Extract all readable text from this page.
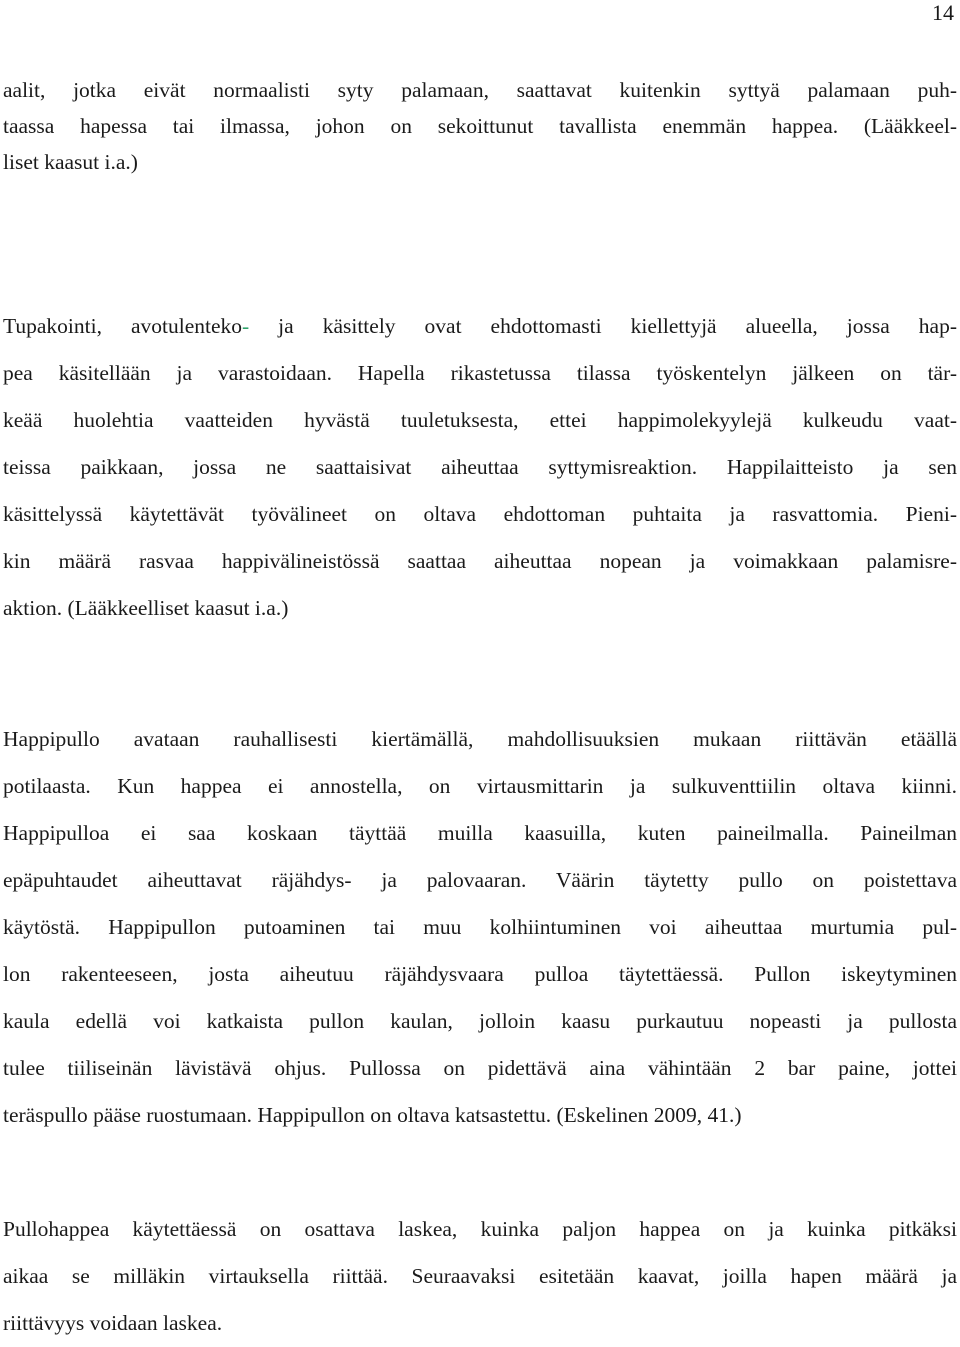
14

aalit, jotka eivät normaalisti syty palamaan, saattavat kuitenkin syttyä palamaan puh-
taassa hapessa tai ilmassa, johon on sekoittunut tavallista enemmän happea. (Lääkkeel-
liset kaasut i.a.)

Tupakointi, avotulenteko- ja käsittely ovat ehdottomasti kiellettyjä alueella, jossa hap-
pea käsitellään ja varastoidaan. Hapella rikastetussa tilassa työskentelyn jälkeen on tär-
keää huolehtia vaatteiden hyvästä tuuletuksesta, ettei happimolekyylejä kulkeudu vaat-
teissa paikkaan, jossa ne saattaisivat aiheuttaa syttymisreaktion. Happilaitteisto ja sen
käsittelyssä käytettävät työvälineet on oltava ehdottoman puhtaita ja rasvattomia. Pieni-
kin määrä rasvaa happivälineistössä saattaa aiheuttaa nopean ja voimakkaan palamisre-
aktion. (Lääkkeelliset kaasut i.a.)

Happipullo avataan rauhallisesti kiertämällä, mahdollisuuksien mukaan riittävän etäällä
potilaasta. Kun happea ei annostella, on virtausmittarin ja sulkuventtiilin oltava kiinni.
Happipulloa ei saa koskaan täyttää muilla kaasuilla, kuten paineilmalla. Paineilman
epäpuhtaudet aiheuttavat räjähdys- ja palovaaran. Väärin täytetty pullo on poistettava
käytöstä. Happipullon putoaminen tai muu kolhiintuminen voi aiheuttaa murtumia pul-
lon rakenteeseen, josta aiheutuu räjähdysvaara pulloa täytettäessä. Pullon iskeytyminen
kaula edellä voi katkaista pullon kaulan, jolloin kaasu purkautuu nopeasti ja pullosta
tulee tiiliseinän lävistävä ohjus. Pullossa on pidettävä aina vähintään 2 bar paine, jottei
teräspullo pääse ruostumaan. Happipullon on oltava katsastettu. (Eskelinen 2009, 41.)

Pullohappea käytettäessä on osattava laskea, kuinka paljon happea on ja kuinka pitkäksi
aikaa se milläkin virtauksella riittää. Seuraavaksi esitetään kaavat, joilla hapen määrä ja
riittävyys voidaan laskea.
